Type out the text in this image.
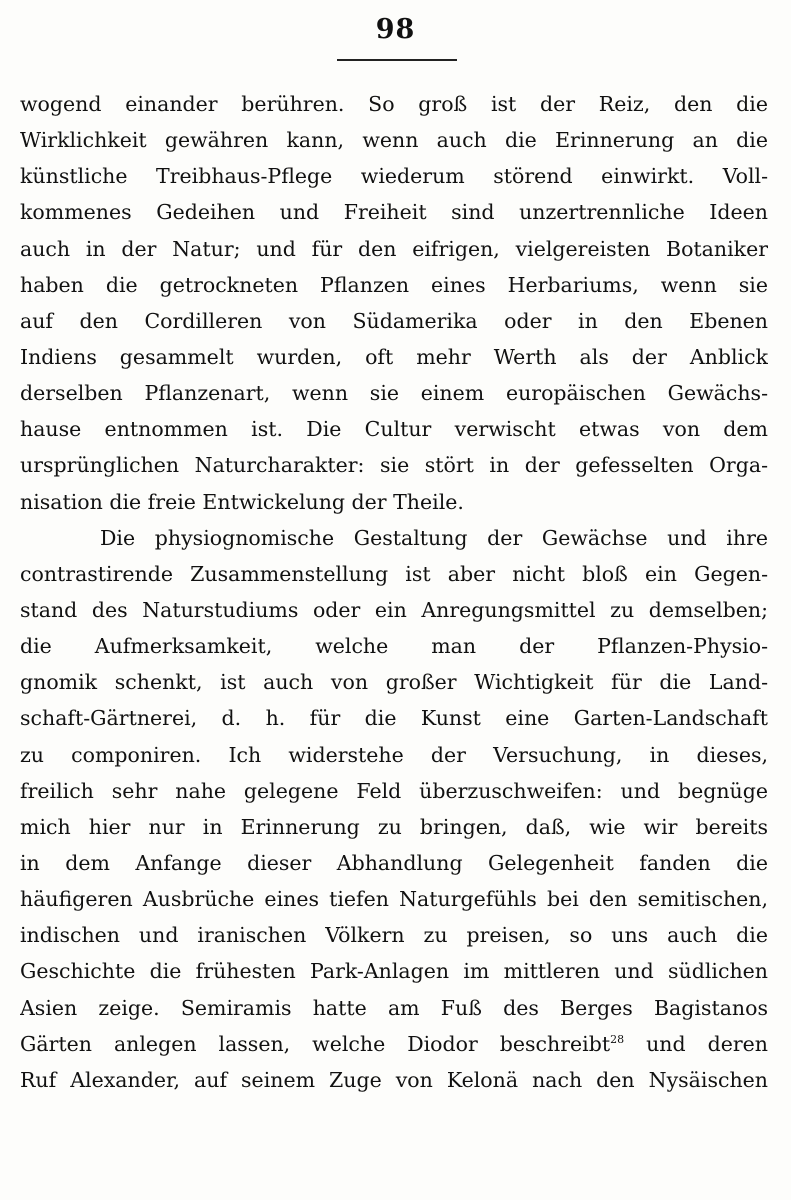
98
wogend einander berühren. So groß ist der Reiz, den die
Wirklichkeit gewähren kann, wenn auch die Erinnerung an die
künstliche Treibhaus-Pflege wiederum störend einwirkt. Voll-
kommenes Gedeihen und Freiheit sind unzertrennliche Ideen
auch in der Natur; und für den eifrigen, vielgereisten Botaniker
haben die getrockneten Pflanzen eines Herbariums, wenn sie
auf den Cordilleren von Südamerika oder in den Ebenen
Indiens gesammelt wurden, oft mehr Werth als der Anblick
derselben Pflanzenart, wenn sie einem europäischen Gewächs-
hause entnommen ist. Die Cultur verwischt etwas von dem
ursprünglichen Naturcharakter: sie stört in der gefesselten Orga-
nisation die freie Entwickelung der Theile.
Die physiognomische Gestaltung der Gewächse und ihre
contrastirende Zusammenstellung ist aber nicht bloß ein Gegen-
stand des Naturstudiums oder ein Anregungsmittel zu demselben;
die Aufmerksamkeit, welche man der Pflanzen-Physio-
gnomik schenkt, ist auch von großer Wichtigkeit für die Land-
schaft-Gärtnerei, d. h. für die Kunst eine Garten-Landschaft
zu componiren. Ich widerstehe der Versuchung, in dieses,
freilich sehr nahe gelegene Feld überzuschweifen: und begnüge
mich hier nur in Erinnerung zu bringen, daß, wie wir bereits
in dem Anfange dieser Abhandlung Gelegenheit fanden die
häufigeren Ausbrüche eines tiefen Naturgefühls bei den semitischen,
indischen und iranischen Völkern zu preisen, so uns auch die
Geschichte die frühesten Park-Anlagen im mittleren und südlichen
Asien zeige. Semiramis hatte am Fuß des Berges Bagistanos
Gärten anlegen lassen, welche Diodor beschreibt$^{28}$ und deren
Ruf Alexander, auf seinem Zuge von Kelonä nach den Nysäischen
